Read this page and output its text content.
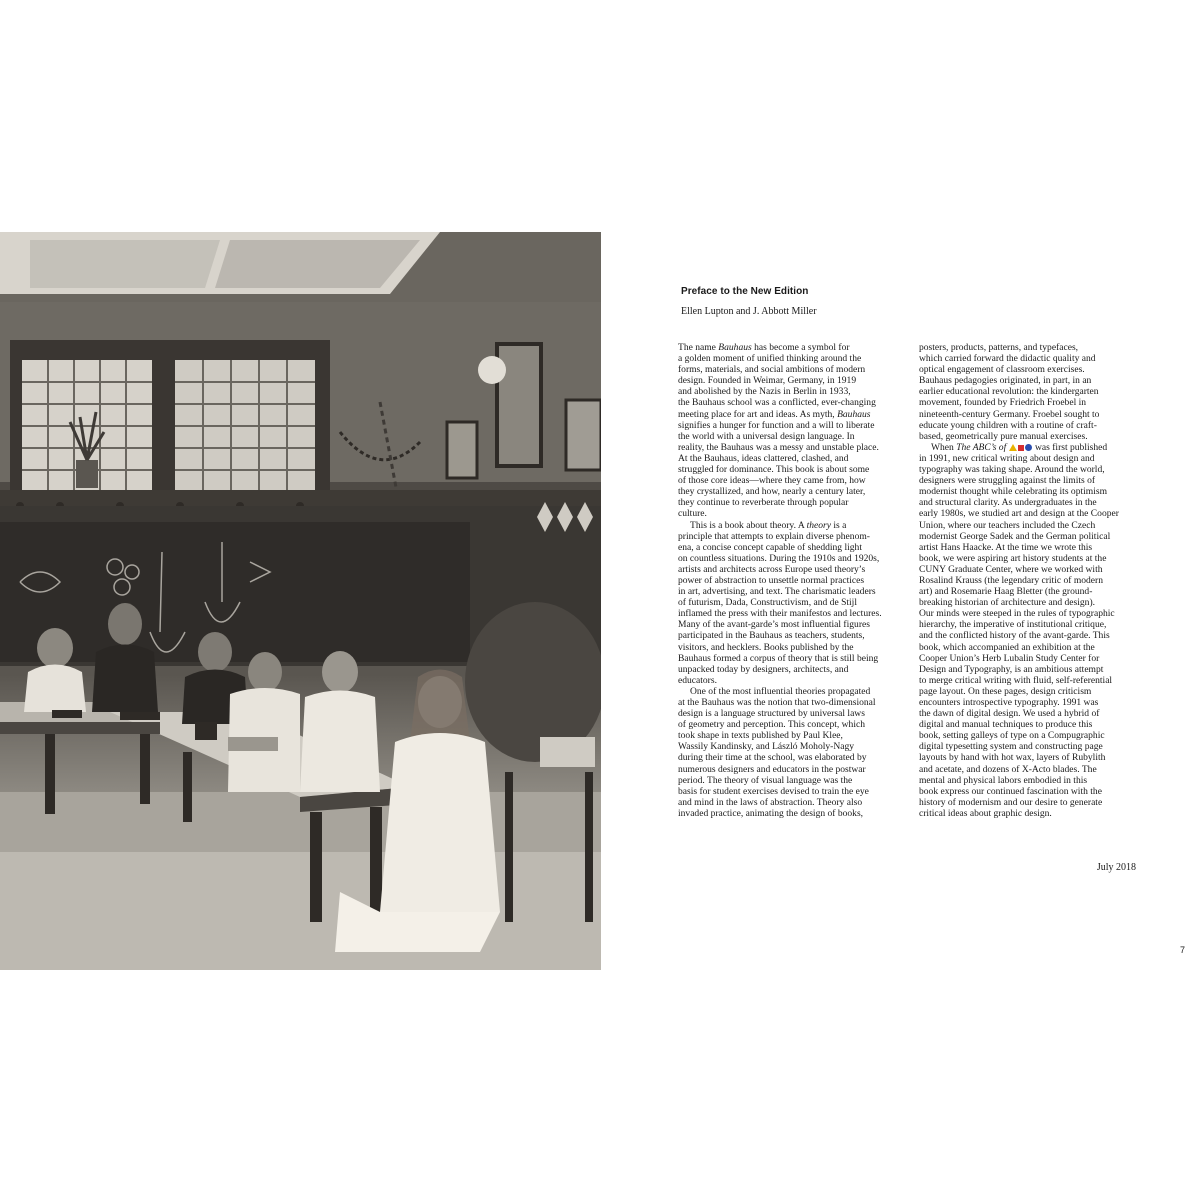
Preface to the New Edition

Ellen Lupton and J. Abbott Miller

The name Bauhaus has become a symbol for
a golden moment of unified thinking around the
forms, materials, and social ambitions of modern
design. Founded in Weimar, Germany, in 1919
and abolished by the Nazis in Berlin in 1933,
the Bauhaus school was a conflicted, ever-changing
meeting place for art and ideas. As myth, Bauhaus
signifies a hunger for function and a will to liberate
the world with a universal design language. In
reality, the Bauhaus was a messy and unstable place.
At the Bauhaus, ideas clattered, clashed, and
struggled for dominance. This book is about some
of those core ideas—where they came from, how
they crystallized, and how, nearly a century later,
they continue to reverberate through popular
culture.
This is a book about theory. A theory is a
principle that attempts to explain diverse phenom-
ena, a concise concept capable of shedding light
on countless situations. During the 1910s and 1920s,
artists and architects across Europe used theory’s
power of abstraction to unsettle normal practices
in art, advertising, and text. The charismatic leaders
of futurism, Dada, Constructivism, and de Stijl
inflamed the press with their manifestos and lectures.
Many of the avant-garde’s most influential figures
participated in the Bauhaus as teachers, students,
visitors, and hecklers. Books published by the
Bauhaus formed a corpus of theory that is still being
unpacked today by designers, architects, and
educators.
One of the most influential theories propagated
at the Bauhaus was the notion that two-dimensional
design is a language structured by universal laws
of geometry and perception. This concept, which
took shape in texts published by Paul Klee,
Wassily Kandinsky, and László Moholy-Nagy
during their time at the school, was elaborated by
numerous designers and educators in the postwar
period. The theory of visual language was the
basis for student exercises devised to train the eye
and mind in the laws of abstraction. Theory also
invaded practice, animating the design of books,
posters, products, patterns, and typefaces,
which carried forward the didactic quality and
optical engagement of classroom exercises.
Bauhaus pedagogies originated, in part, in an
earlier educational revolution: the kindergarten
movement, founded by Friedrich Froebel in
nineteenth-century Germany. Froebel sought to
educate young children with a routine of craft-
based, geometrically pure manual exercises.
When The ABC’s of	was first published
in 1991, new critical writing about design and
typography was taking shape. Around the world,
designers were struggling against the limits of
modernist thought while celebrating its optimism
and structural clarity. As undergraduates in the
early 1980s, we studied art and design at the Cooper
Union, where our teachers included the Czech
modernist George Sadek and the German political
artist Hans Haacke. At the time we wrote this
book, we were aspiring art history students at the
CUNY Graduate Center, where we worked with
Rosalind Krauss (the legendary critic of modern
art) and Rosemarie Haag Bletter (the ground-
breaking historian of architecture and design).
Our minds were steeped in the rules of typographic
hierarchy, the imperative of institutional critique,
and the conflicted history of the avant-garde. This
book, which accompanied an exhibition at the
Cooper Union’s Herb Lubalin Study Center for
Design and Typography, is an ambitious attempt
to merge critical writing with fluid, self-referential
page layout. On these pages, design criticism
encounters introspective typography. 1991 was
the dawn of digital design. We used a hybrid of
digital and manual techniques to produce this
book, setting galleys of type on a Compugraphic
digital typesetting system and constructing page
layouts by hand with hot wax, layers of Rubylith
and acetate, and dozens of X-Acto blades. The
mental and physical labors embodied in this
book express our continued fascination with the
history of modernism and our desire to generate
critical ideas about graphic design.

July 2018

7
